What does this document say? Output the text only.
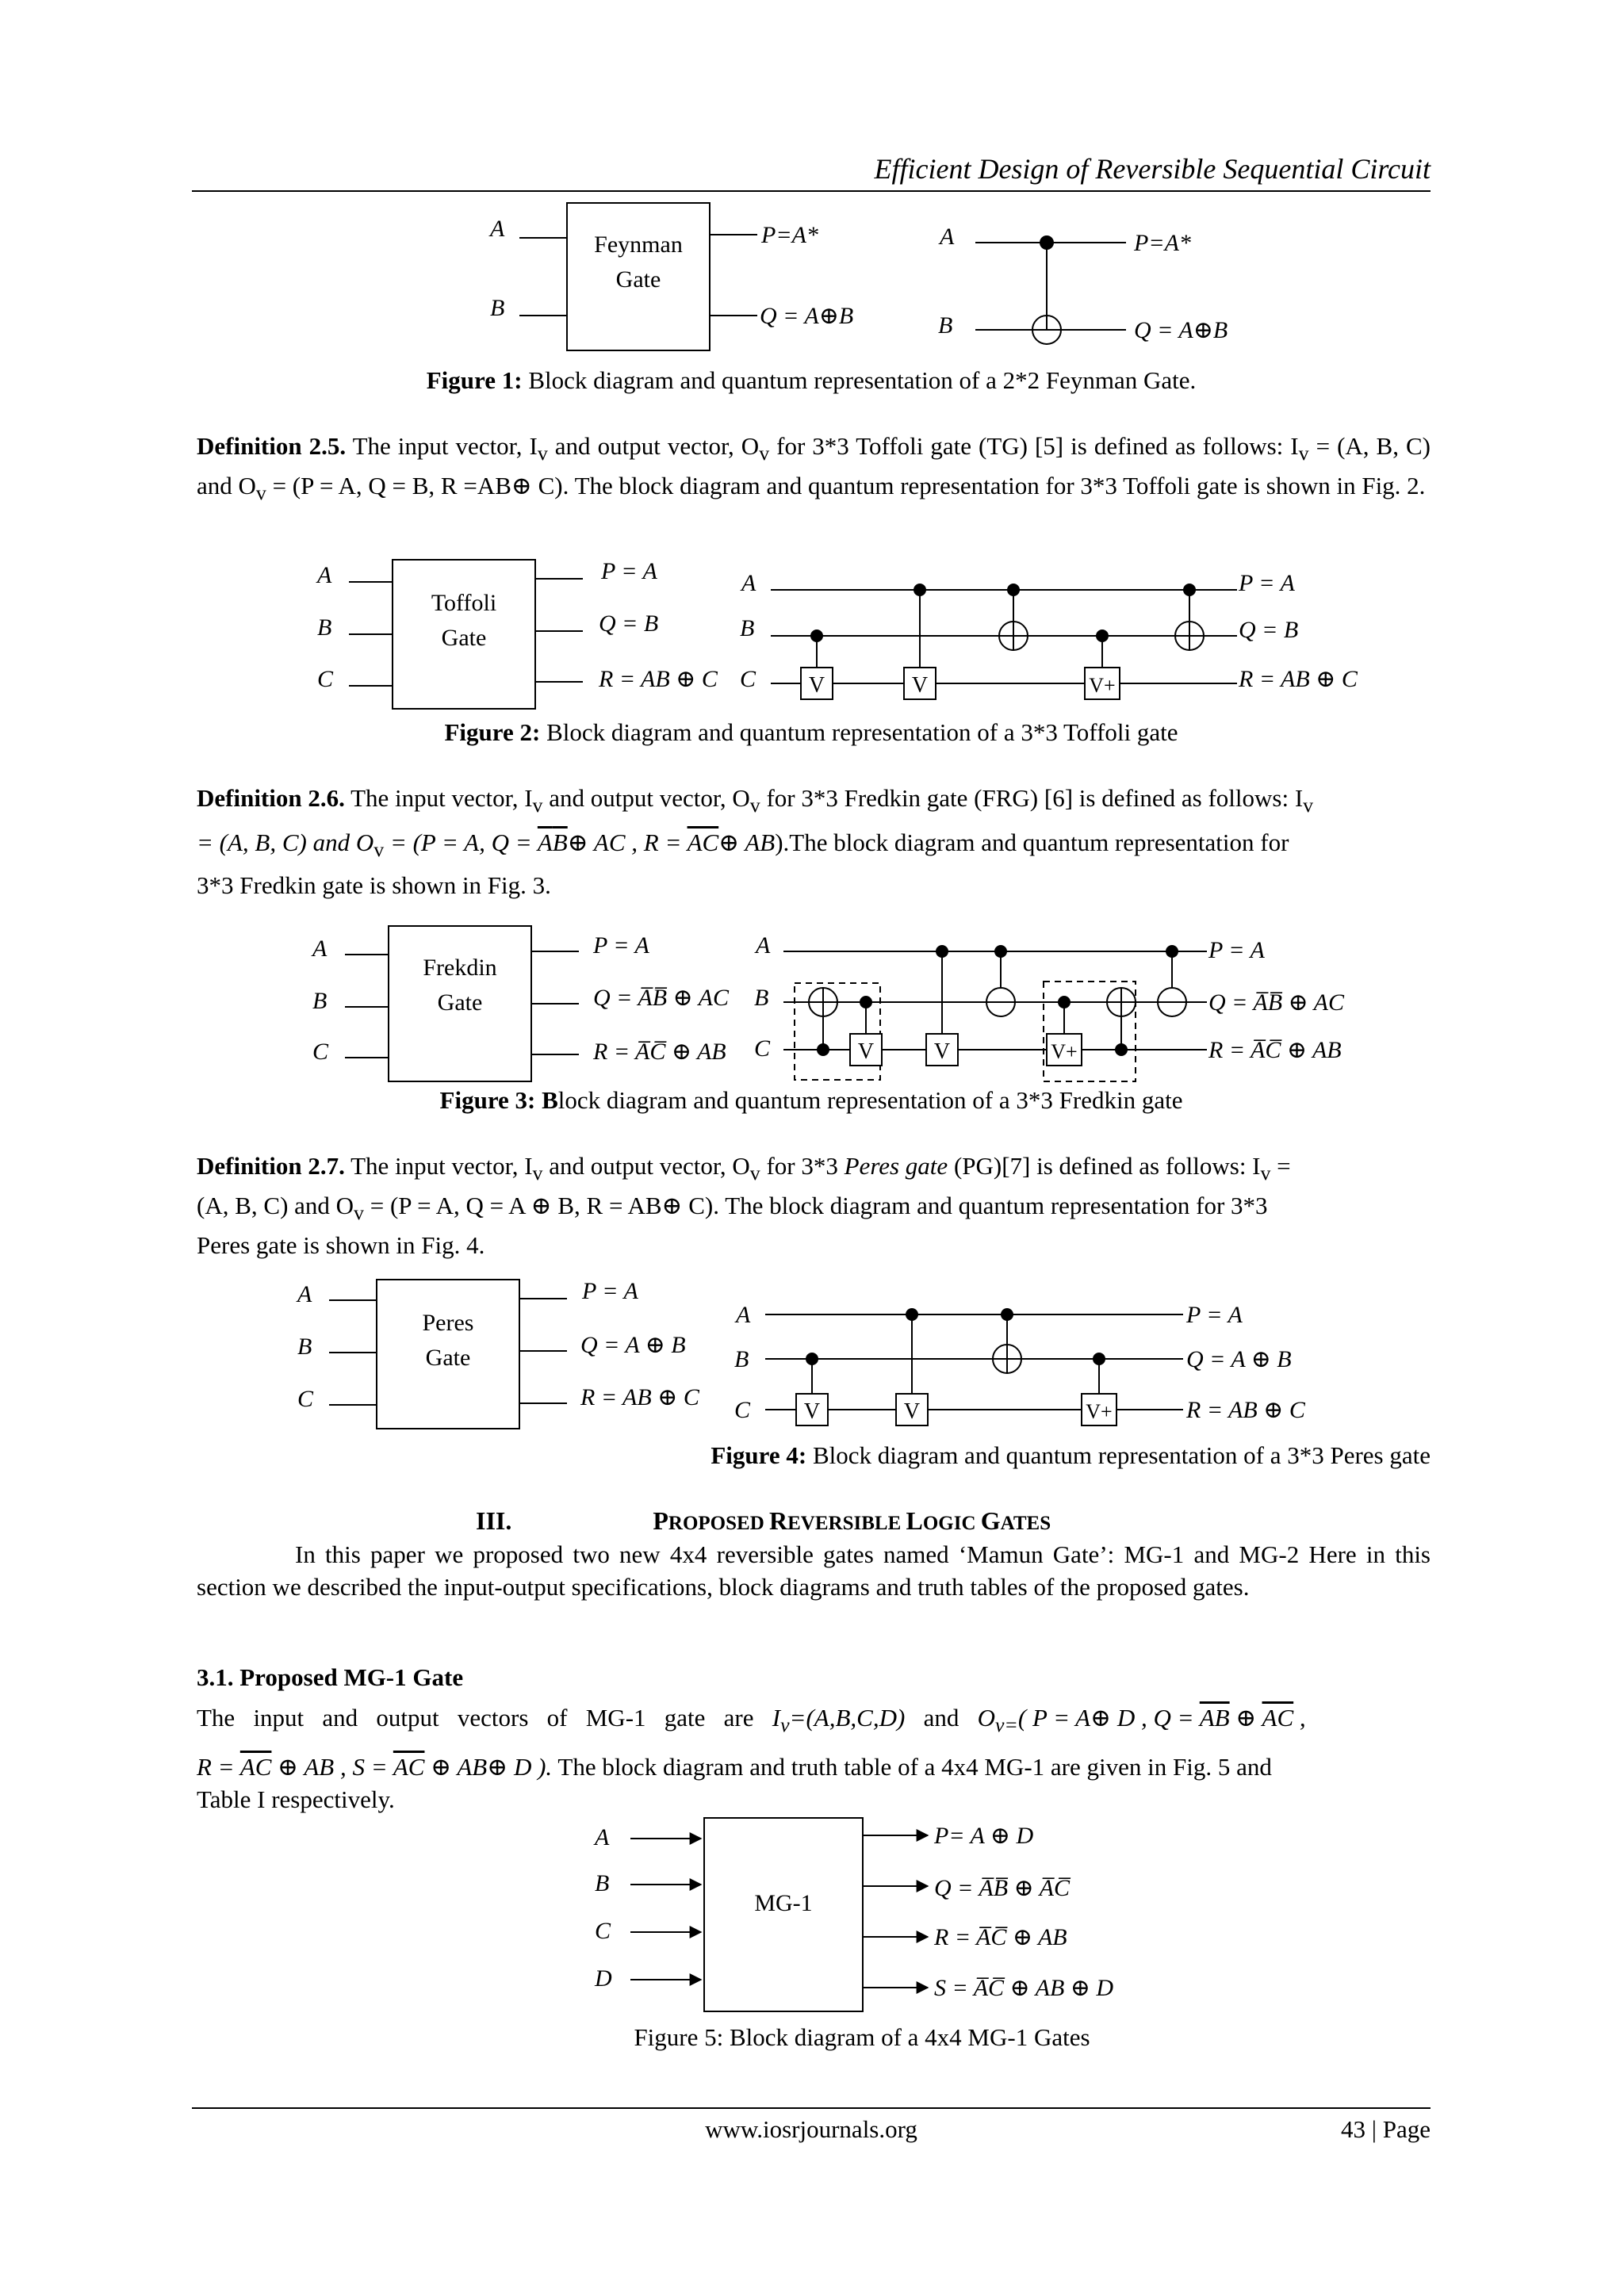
Efficient Design of Reversible Sequential Circuit
A
B
Feynman
Gate
P=A*
Q = A⊕B
A
B
P=A*
Q = A⊕B
Figure 1: Block diagram and quantum representation of a 2*2 Feynman Gate.
Definition 2.5. The input vector, $I_v$ and output vector, $O_v$ for 3*3 Toffoli gate (TG) [5] is defined as follows: $I_v = (A$, B, C) and $O_v = (P = A$, Q = B, R =AB⊕ C). The block diagram and quantum representation for 3*3 Toffoli gate is shown in Fig. 2.
A
B
C
Toffoli
Gate
P = A
Q = B
R = AB ⊕ C
A
B
C V	V	V+
P = A
Q = B
R = AB ⊕ C
Figure 2: Block diagram and quantum representation of a 3*3 Toffoli gate
Definition 2.6. The input vector, $I_v$ and output vector, $O_v$ for 3*3 Fredkin gate (FRG) [6] is defined as follows: $I_v$
= (A, B, C) and $O_v = (P = A$, $Q = \overline{A}\overline{B}\oplus$ AC , $R = \overline{A}\overline{C}\oplus$ AB).The block diagram and quantum representation for
3*3 Fredkin gate is shown in Fig. 3.
A
B
C
Frekdin
Gate
P = A
Q = A̅B̅ ⊕ AC
R = A̅C̅ ⊕ AB
A
B
C	V	V	V+
P = A
Q = A̅B̅ ⊕ AC
R = A̅C̅ ⊕ AB
Figure 3: Block diagram and quantum representation of a 3*3 Fredkin gate
Definition 2.7. The input vector, $I_v$ and output vector, $O_v$ for 3*3 Peres gate (PG)[7] is defined as follows: $I_v$ =
(A, B, C) and $O_v = (P = A$, Q = A ⊕ B, R = AB⊕ C). The block diagram and quantum representation for 3*3
Peres gate is shown in Fig. 4.
A
B
C
Peres
Gate
P = A
Q = A ⊕ B
R = AB ⊕ C
A
B
C V	V	V+
P = A
Q = A ⊕ B
R = AB ⊕ C
Figure 4: Block diagram and quantum representation of a 3*3 Peres gate
III.	PROPOSED REVERSIBLE LOGIC GATES
In this paper we proposed two new 4x4 reversible gates named ‘Mamun Gate’: MG-1 and MG-2 Here in this section we described the input-output specifications, block diagrams and truth tables of the proposed gates.
3.1. Proposed MG-1 Gate
The   input   and   output   vectors   of   MG-1   gate   are   $I_v=(A,B,C,D)$   and   $O_{v=}$( P = A⊕ D , $Q = \overline{AB}$ ⊕ $\overline{AC}$ ,
$R = \overline{AC}$ ⊕ AB , $S = \overline{AC}$ ⊕ AB⊕ D ). The block diagram and truth table of a 4x4 MG-1 are given in Fig. 5 and
Table I respectively.
A
B
C
D
MG-1
P= A ⊕ D
Q = A̅B̅ ⊕ A̅C̅
R = A̅C̅ ⊕ AB
S = A̅C̅ ⊕ AB ⊕ D
Figure 5: Block diagram of a 4x4 MG-1 Gates
www.iosrjournals.org	43 | Page
